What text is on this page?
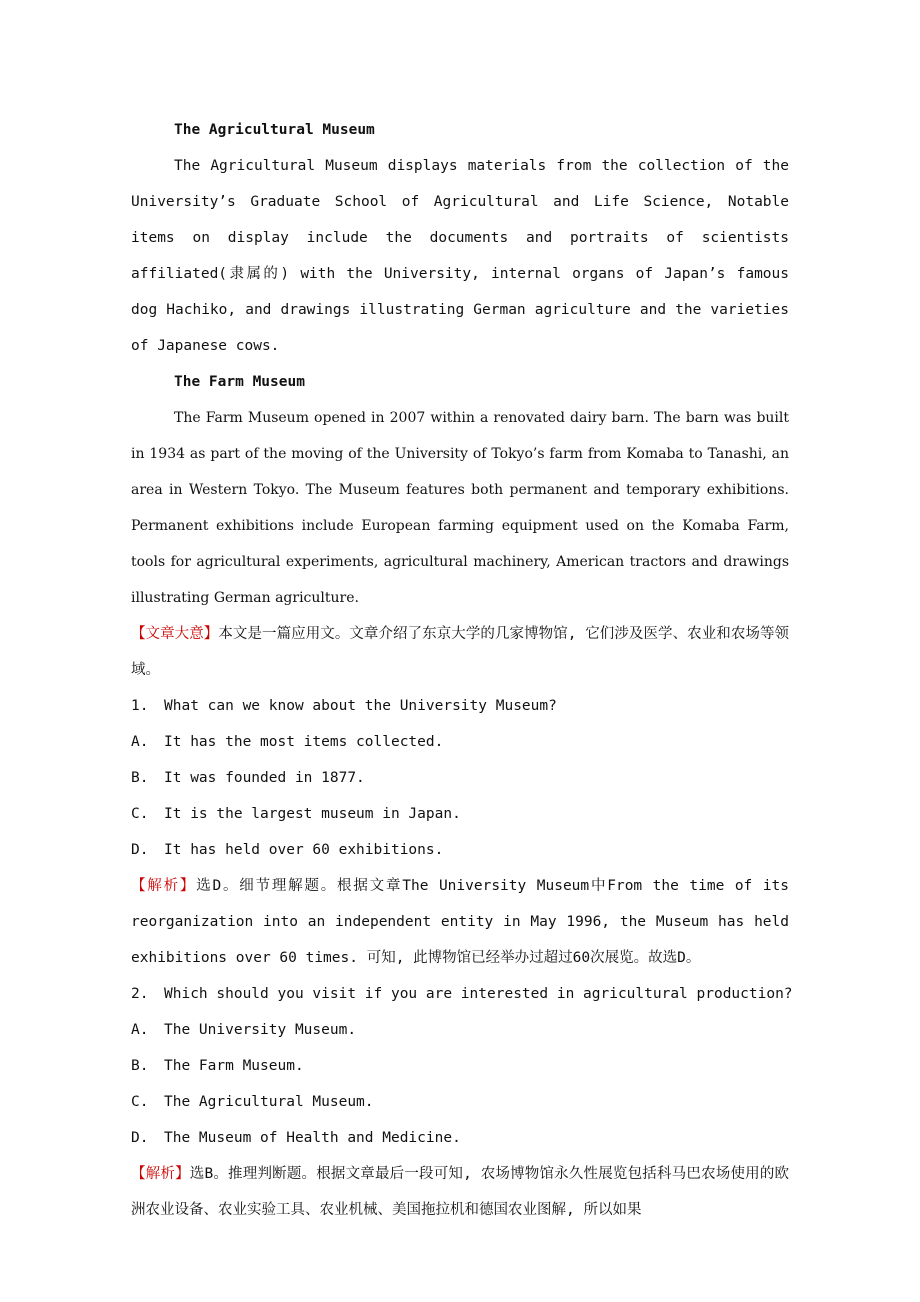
The Agricultural Museum
The Agricultural Museum displays materials from the collection of the University’s Graduate School of Agricultural and Life Science, Notable items on display include the documents and portraits of scientists affiliated(隶属的) with the University, internal organs of Japan’s famous dog Hachiko, and drawings illustrating German agriculture and the varieties of Japanese cows.
The Farm Museum
The Farm Museum opened in 2007 within a renovated dairy barn. The barn was built in 1934 as part of the moving of the University of Tokyo’s farm from Komaba to Tanashi, an area in Western Tokyo. The Museum features both permanent and temporary exhibitions. Permanent exhibitions include European farming equipment used on the Komaba Farm, tools for agricultural experiments, agricultural machinery, American tractors and drawings illustrating German agriculture.
【文章大意】本文是一篇应用文。文章介绍了东京大学的几家博物馆, 它们涉及医学、农业和农场等领域。
1. What can we know about the University Museum?
A. It has the most items collected.
B. It was founded in 1877.
C. It is the largest museum in Japan.
D. It has held over 60 exhibitions.
【解析】选D。细节理解题。根据文章The University Museum中From the time of its reorganization into an independent entity in May 1996, the Museum has held exhibitions over 60 times. 可知, 此博物馆已经举办过超过60次展览。故选D。
2. Which should you visit if you are interested in agricultural production?
A. The University Museum.
B. The Farm Museum.
C. The Agricultural Museum.
D. The Museum of Health and Medicine.
【解析】选B。推理判断题。根据文章最后一段可知, 农场博物馆永久性展览包括科马巴农场使用的欧洲农业设备、农业实验工具、农业机械、美国拖拉机和德国农业图解, 所以如果
